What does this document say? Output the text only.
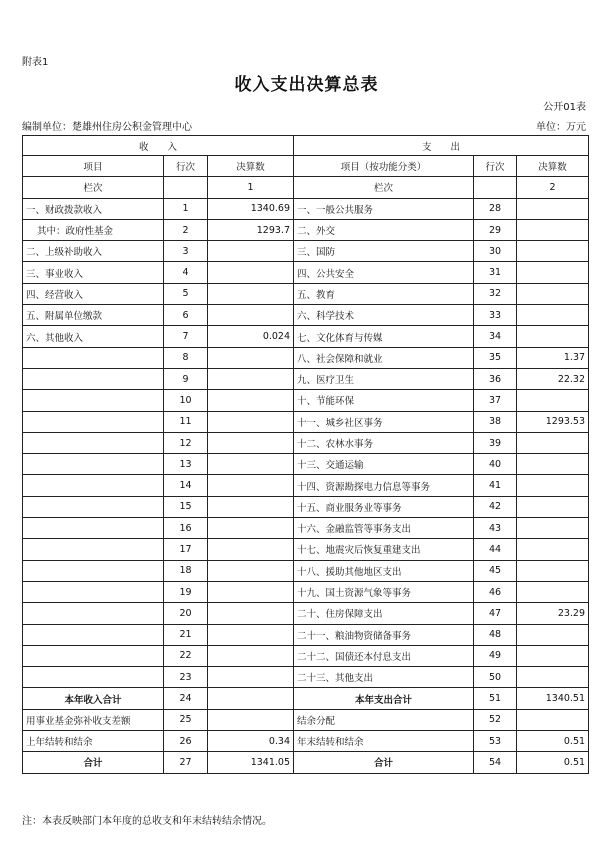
附表1
收入支出决算总表
公开01表
编制单位：楚雄州住房公积金管理中心	单位：万元
收　　入			支　　出		
项目	行次	决算数	项目（按功能分类）	行次	决算数
栏次		1	栏次		2
一、财政拨款收入	1	1340.69	一、一般公共服务	28	
其中：政府性基金	2	1293.7	二、外交	29	
二、上级补助收入	3		三、国防	30	
三、事业收入	4		四、公共安全	31	
四、经营收入	5		五、教育	32	
五、附属单位缴款	6		六、科学技术	33	
六、其他收入	7	0.024	七、文化体育与传媒	34	
	8		八、社会保障和就业	35	1.37
	9		九、医疗卫生	36	22.32
	10		十、节能环保	37	
	11		十一、城乡社区事务	38	1293.53
	12		十二、农林水事务	39	
	13		十三、交通运输	40	
	14		十四、资源勘探电力信息等事务	41	
	15		十五、商业服务业等事务	42	
	16		十六、金融监管等事务支出	43	
	17		十七、地震灾后恢复重建支出	44	
	18		十八、援助其他地区支出	45	
	19		十九、国土资源气象等事务	46	
	20		二十、住房保障支出	47	23.29
	21		二十一、粮油物资储备事务	48	
	22		二十二、国债还本付息支出	49	
	23		二十三、其他支出	50	
本年收入合计	24		本年支出合计	51	1340.51
用事业基金弥补收支差额	25		结余分配	52	
上年结转和结余	26	0.34	年末结转和结余	53	0.51
合计	27	1341.05	合计	54	0.51
注：本表反映部门本年度的总收支和年末结转结余情况。
